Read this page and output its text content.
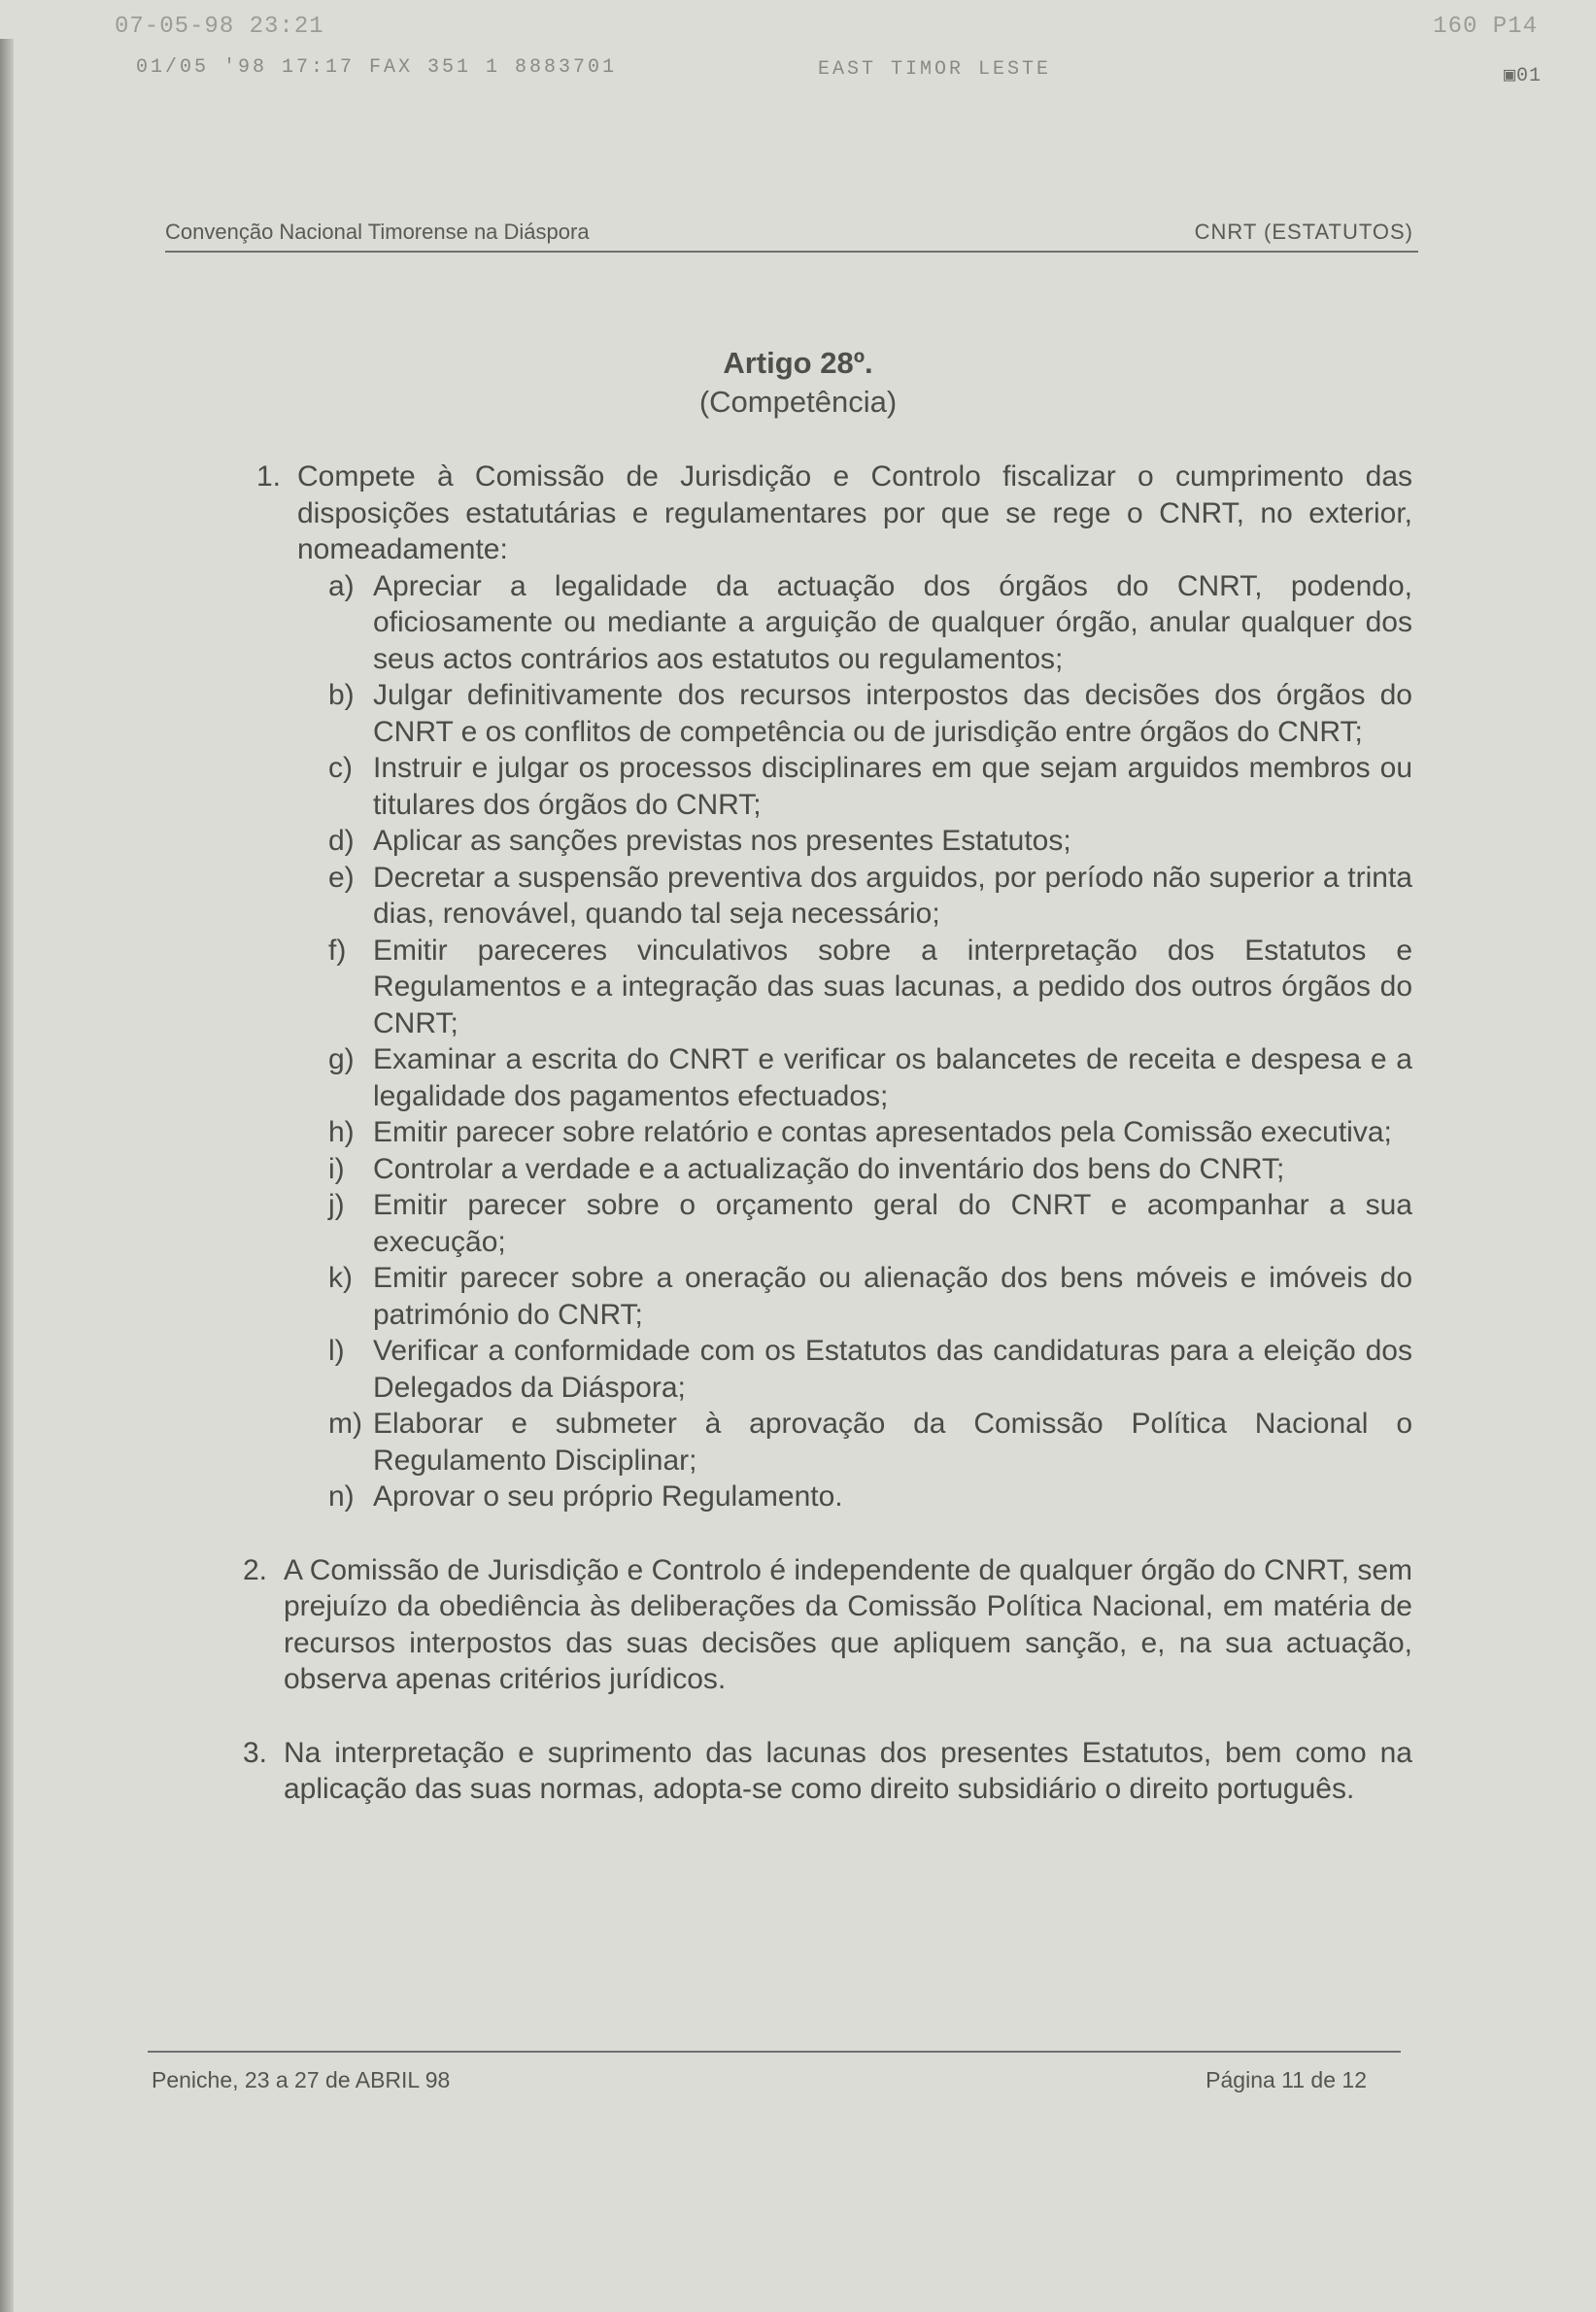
07-05-98 23:21	160 P14
01/05 '98 17:17 FAX 351 1 8883701	EAST TIMOR LESTE	▣01
Convenção Nacional Timorense na Diáspora	CNRT (ESTATUTOS)
Artigo 28º.
(Competência)
1. Compete à Comissão de Jurisdição e Controlo fiscalizar o cumprimento das disposições estatutárias e regulamentares por que se rege o CNRT, no exterior, nomeadamente:
a) Apreciar a legalidade da actuação dos órgãos do CNRT, podendo, oficiosamente ou mediante a arguição de qualquer órgão, anular qualquer dos seus actos contrários aos estatutos ou regulamentos;
b) Julgar definitivamente dos recursos interpostos das decisões dos órgãos do CNRT e os conflitos de competência ou de jurisdição entre órgãos do CNRT;
c) Instruir e julgar os processos disciplinares em que sejam arguidos membros ou titulares dos órgãos do CNRT;
d) Aplicar as sanções previstas nos presentes Estatutos;
e) Decretar a suspensão preventiva dos arguidos, por período não superior a trinta dias, renovável, quando tal seja necessário;
f) Emitir pareceres vinculativos sobre a interpretação dos Estatutos e Regulamentos e a integração das suas lacunas, a pedido dos outros órgãos do CNRT;
g) Examinar a escrita do CNRT e verificar os balancetes de receita e despesa e a legalidade dos pagamentos efectuados;
h) Emitir parecer sobre relatório e contas apresentados pela Comissão executiva;
i) Controlar a verdade e a actualização do inventário dos bens do CNRT;
j) Emitir parecer sobre o orçamento geral do CNRT e acompanhar a sua execução;
k) Emitir parecer sobre a oneração ou alienação dos bens móveis e imóveis do património do CNRT;
l) Verificar a conformidade com os Estatutos das candidaturas para a eleição dos Delegados da Diáspora;
m) Elaborar e submeter à aprovação da Comissão Política Nacional o Regulamento Disciplinar;
n) Aprovar o seu próprio Regulamento.
2. A Comissão de Jurisdição e Controlo é independente de qualquer órgão do CNRT, sem prejuízo da obediência às deliberações da Comissão Política Nacional, em matéria de recursos interpostos das suas decisões que apliquem sanção, e, na sua actuação, observa apenas critérios jurídicos.
3. Na interpretação e suprimento das lacunas dos presentes Estatutos, bem como na aplicação das suas normas, adopta-se como direito subsidiário o direito português.
Peniche, 23 a 27 de ABRIL 98	Página 11 de 12
